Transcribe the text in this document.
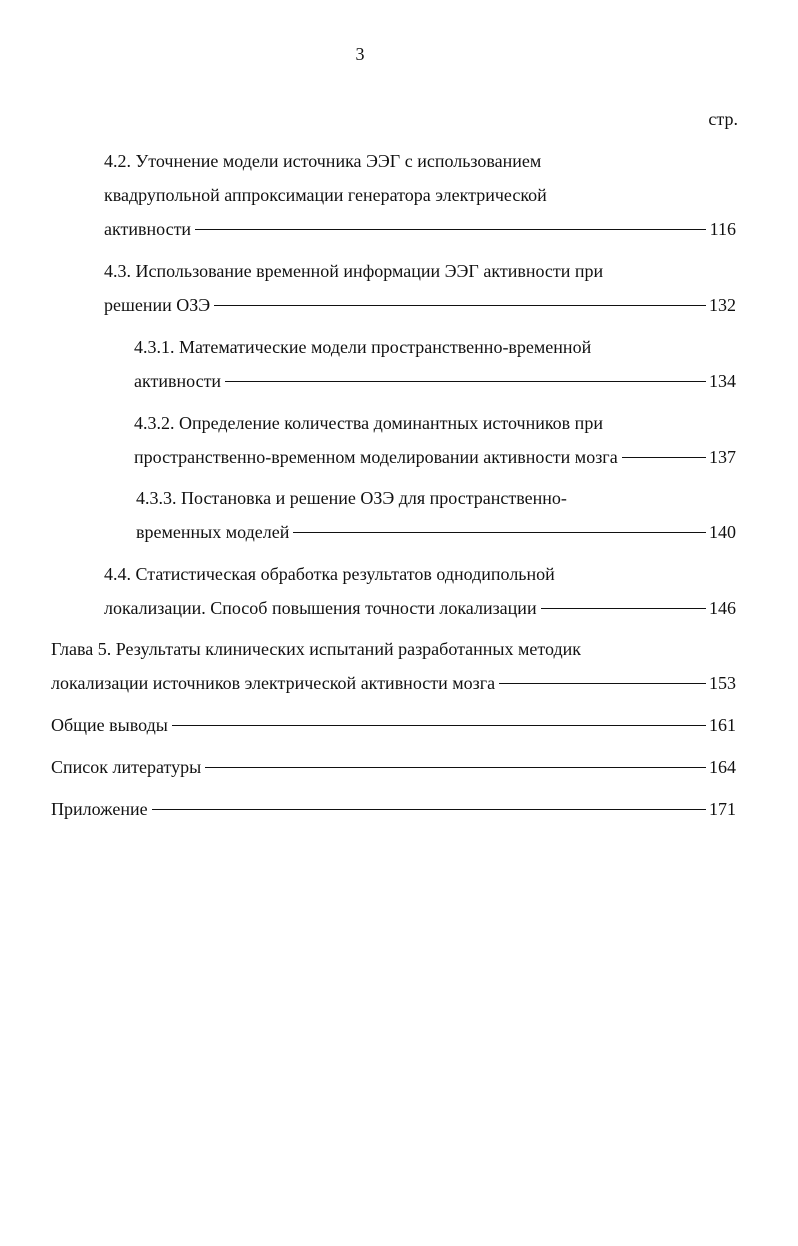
3
стр.
4.2. Уточнение модели источника ЭЭГ с использованием
квадрупольной аппроксимации генератора электрической
активности	116
4.3. Использование временной информации ЭЭГ активности при
решении ОЗЭ	132
4.3.1. Математические модели пространственно-временной
активности	134
4.3.2. Определение количества доминантных источников при
пространственно-временном моделировании активности мозга	137
4.3.3. Постановка и решение ОЗЭ для пространственно-
временных моделей	140
4.4. Статистическая обработка результатов однодипольной
локализации. Способ повышения точности локализации	146
Глава 5. Результаты клинических испытаний разработанных методик
локализации источников электрической активности мозга	153
Общие выводы	161
Список литературы	164
Приложение	171
